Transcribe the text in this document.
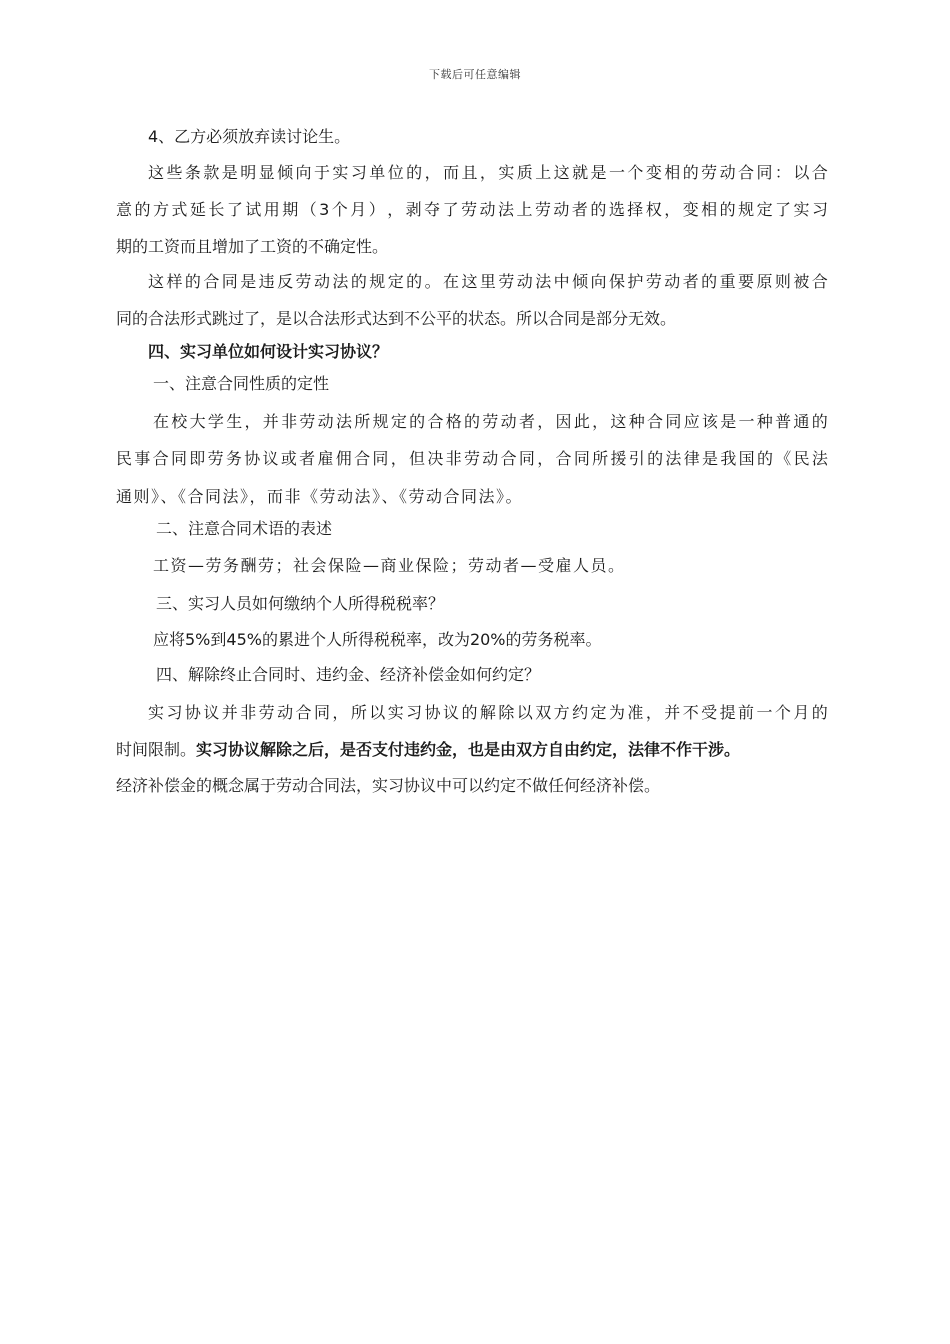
下载后可任意编辑
4、乙方必须放弃读讨论生。
这 些 条 款 是 明 显 倾 向 于 实 习 单 位 的 ， 而 且 ， 实 质 上 这 就 是 一 个 变 相 的 劳 动 合 同 ： 以 合
意 的 方 式 延 长 了 试 用 期 （ 3 个 月 ） ， 剥 夺 了 劳 动 法 上 劳 动 者 的 选 择 权 ， 变 相 的 规 定 了 实 习
期的工资而且增加了工资的不确定性。
这 样 的 合 同 是 违 反 劳 动 法 的 规 定 的 。 在 这 里 劳 动 法 中 倾 向 保 护 劳 动 者 的 重 要 原 则 被 合
同的合法形式跳过了，是以合法形式达到不公平的状态。所以合同是部分无效。
四、实习单位如何设计实习协议？
一、注意合同性质的定性
在 校 大 学 生 ， 并 非 劳 动 法 所 规 定 的 合 格 的 劳 动 者 ， 因 此 ， 这 种 合 同 应 该 是 一 种 普 通 的
民 事 合 同 即 劳 务 协 议 或 者 雇 佣 合 同 ， 但 决 非 劳 动 合 同 ， 合 同 所 援 引 的 法 律 是 我 国 的 《 民 法
通则》、《合同法》，而非《劳动法》、《劳动合同法》。
二、注意合同术语的表述
工资—劳务酬劳；社会保险—商业保险；劳动者—受雇人员。
三、实习人员如何缴纳个人所得税税率？
应将5%到45%的累进个人所得税税率，改为20%的劳务税率。
四、解除终止合同时、违约金、经济补偿金如何约定？
实 习 协 议 并 非 劳 动 合 同 ， 所 以 实 习 协 议 的 解 除 以 双 方 约 定 为 准 ， 并 不 受 提 前 一 个 月 的
时间限制。实习协议解除之后，是否支付违约金，也是由双方自由约定，法律不作干涉。
经济补偿金的概念属于劳动合同法，实习协议中可以约定不做任何经济补偿。
